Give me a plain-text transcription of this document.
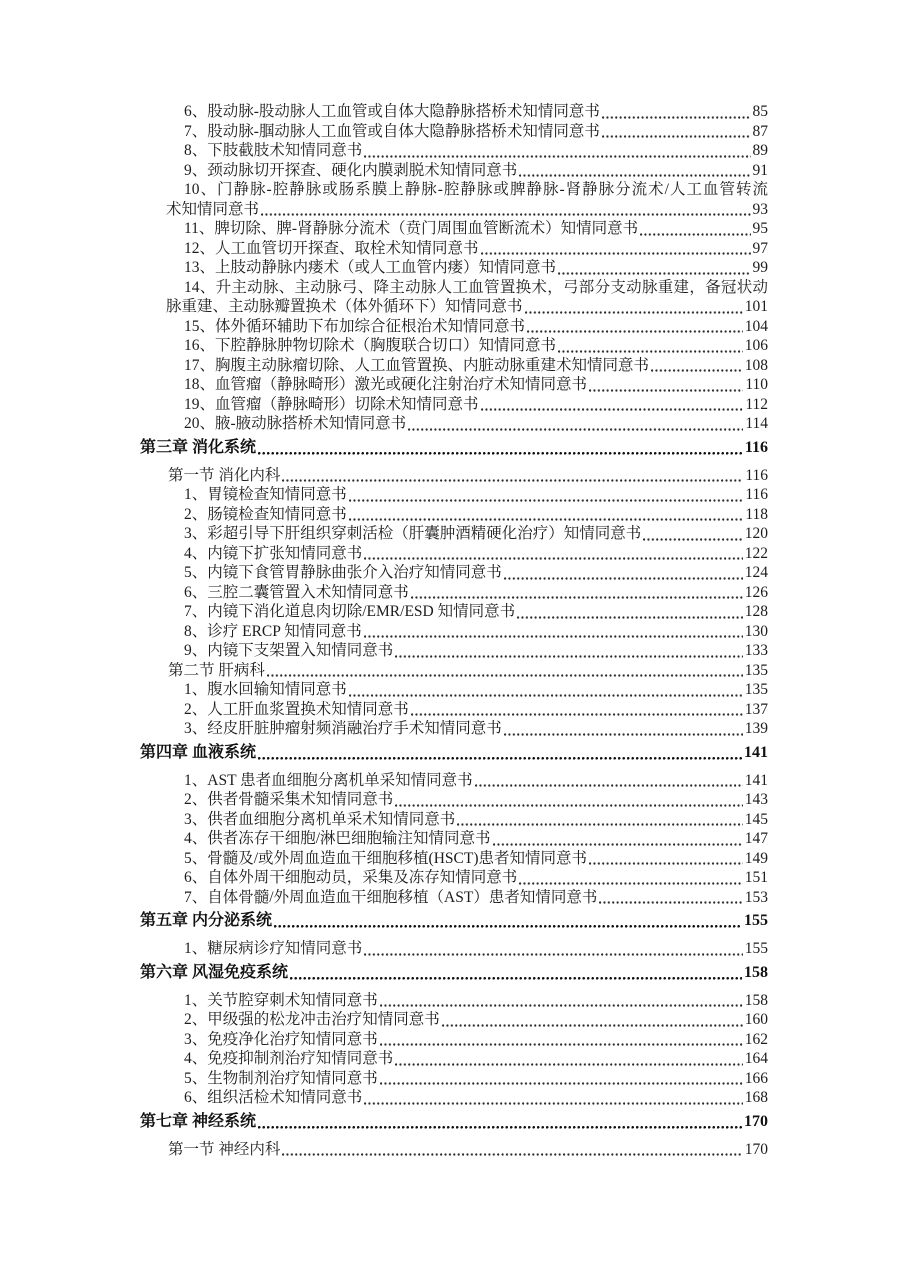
6、股动脉-股动脉人工血管或自体大隐静脉搭桥术知情同意书	85
7、股动脉-腘动脉人工血管或自体大隐静脉搭桥术知情同意书	87
8、下肢截肢术知情同意书	89
9、颈动脉切开探查、硬化内膜剥脱术知情同意书	91
10、门静脉-腔静脉或肠系膜上静脉-腔静脉或脾静脉-肾静脉分流术/人工血管转流
术知情同意书	93
11、脾切除、脾-肾静脉分流术（贲门周围血管断流术）知情同意书	95
12、人工血管切开探查、取栓术知情同意书	97
13、上肢动静脉内瘘术（或人工血管内瘘）知情同意书	99
14、升主动脉、主动脉弓、降主动脉人工血管置换术，弓部分支动脉重建，备冠状动
脉重建、主动脉瓣置换术（体外循环下）知情同意书	101
15、体外循环辅助下布加综合征根治术知情同意书	104
16、下腔静脉肿物切除术（胸腹联合切口）知情同意书	106
17、胸腹主动脉瘤切除、人工血管置换、内脏动脉重建术知情同意书	108
18、血管瘤（静脉畸形）激光或硬化注射治疗术知情同意书	110
19、血管瘤（静脉畸形）切除术知情同意书	112
20、腋-腋动脉搭桥术知情同意书	114
第三章 消化系统	116
第一节 消化内科	116
1、胃镜检查知情同意书	116
2、肠镜检查知情同意书	118
3、彩超引导下肝组织穿刺活检（肝囊肿酒精硬化治疗）知情同意书	120
4、内镜下扩张知情同意书	122
5、内镜下食管胃静脉曲张介入治疗知情同意书	124
6、三腔二囊管置入术知情同意书	126
7、内镜下消化道息肉切除/EMR/ESD 知情同意书	128
8、诊疗 ERCP 知情同意书	130
9、内镜下支架置入知情同意书	133
第二节 肝病科	135
1、腹水回输知情同意书	135
2、人工肝血浆置换术知情同意书	137
3、经皮肝脏肿瘤射频消融治疗手术知情同意书	139
第四章 血液系统	141
1、AST 患者血细胞分离机单采知情同意书	141
2、供者骨髓采集术知情同意书	143
3、供者血细胞分离机单采术知情同意书	145
4、供者冻存干细胞/淋巴细胞输注知情同意书	147
5、骨髓及/或外周血造血干细胞移植(HSCT)患者知情同意书	149
6、自体外周干细胞动员，采集及冻存知情同意书	151
7、自体骨髓/外周血造血干细胞移植（AST）患者知情同意书	153
第五章 内分泌系统	155
1、糖尿病诊疗知情同意书	155
第六章 风湿免疫系统	158
1、关节腔穿刺术知情同意书	158
2、甲级强的松龙冲击治疗知情同意书	160
3、免疫净化治疗知情同意书	162
4、免疫抑制剂治疗知情同意书	164
5、生物制剂治疗知情同意书	166
6、组织活检术知情同意书	168
第七章 神经系统	170
第一节 神经内科	170
